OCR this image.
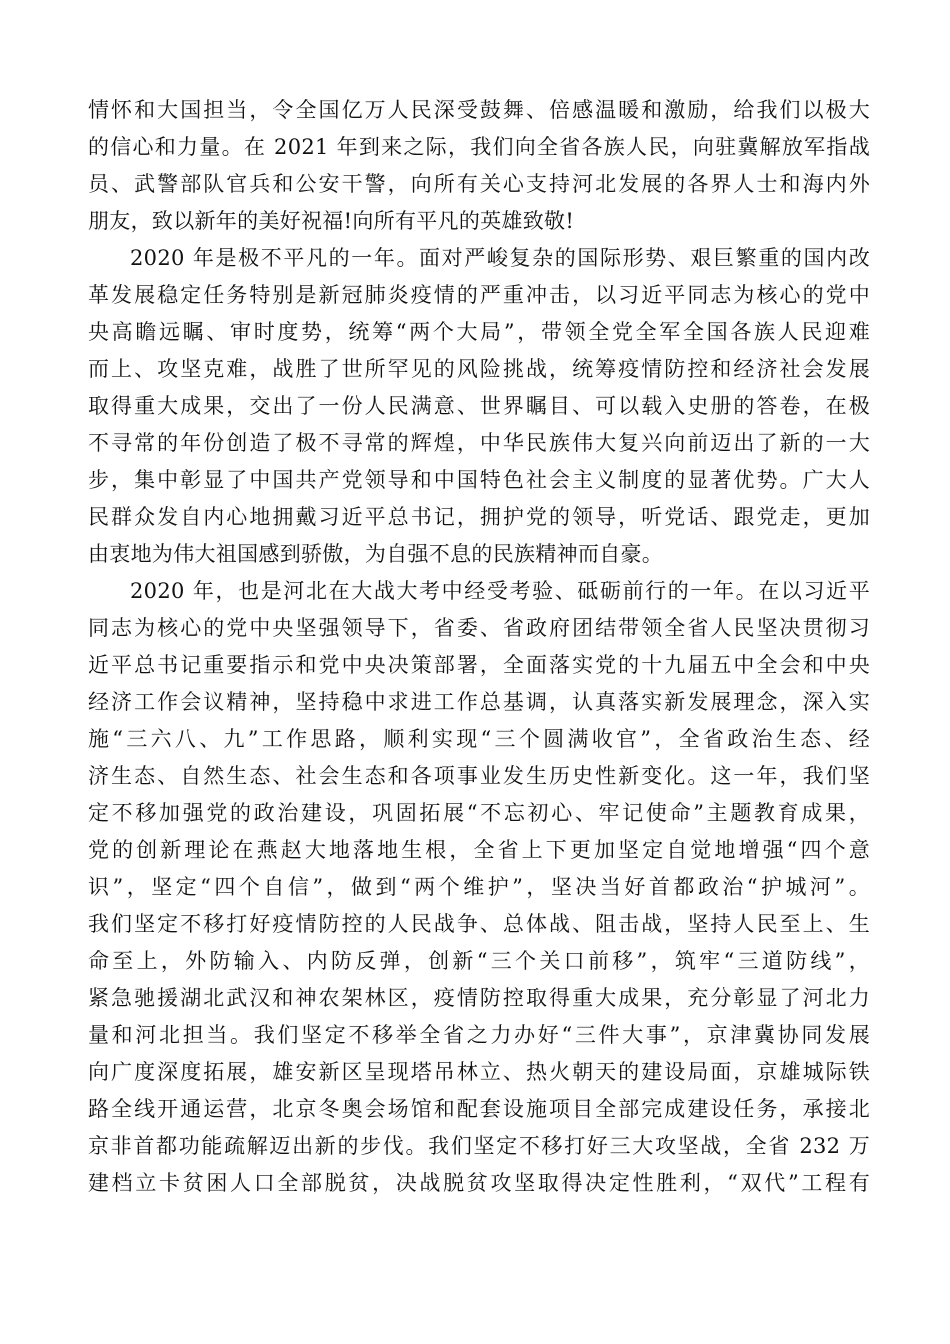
情怀和大国担当，令全国亿万人民深受鼓舞、倍感温暖和激励，给我们以极大
的信心和力量。在 2021 年到来之际，我们向全省各族人民，向驻冀解放军指战
员、武警部队官兵和公安干警，向所有关心支持河北发展的各界人士和海内外
朋友，致以新年的美好祝福!向所有平凡的英雄致敬!

2020 年是极不平凡的一年。面对严峻复杂的国际形势、艰巨繁重的国内改
革发展稳定任务特别是新冠肺炎疫情的严重冲击，以习近平同志为核心的党中
央高瞻远瞩、审时度势，统筹“两个大局”，带领全党全军全国各族人民迎难
而上、攻坚克难，战胜了世所罕见的风险挑战，统筹疫情防控和经济社会发展
取得重大成果，交出了一份人民满意、世界瞩目、可以载入史册的答卷，在极
不寻常的年份创造了极不寻常的辉煌，中华民族伟大复兴向前迈出了新的一大
步，集中彰显了中国共产党领导和中国特色社会主义制度的显著优势。广大人
民群众发自内心地拥戴习近平总书记，拥护党的领导，听党话、跟党走，更加
由衷地为伟大祖国感到骄傲，为自强不息的民族精神而自豪。

2020 年，也是河北在大战大考中经受考验、砥砺前行的一年。在以习近平
同志为核心的党中央坚强领导下，省委、省政府团结带领全省人民坚决贯彻习
近平总书记重要指示和党中央决策部署，全面落实党的十九届五中全会和中央
经济工作会议精神，坚持稳中求进工作总基调，认真落实新发展理念，深入实
施“三六八、九”工作思路，顺利实现“三个圆满收官”，全省政治生态、经
济生态、自然生态、社会生态和各项事业发生历史性新变化。这一年，我们坚
定不移加强党的政治建设，巩固拓展“不忘初心、牢记使命”主题教育成果，
党的创新理论在燕赵大地落地生根，全省上下更加坚定自觉地增强“四个意
识”，坚定“四个自信”，做到“两个维护”，坚决当好首都政治“护城河”。
我们坚定不移打好疫情防控的人民战争、总体战、阻击战，坚持人民至上、生
命至上，外防输入、内防反弹，创新“三个关口前移”，筑牢“三道防线”，
紧急驰援湖北武汉和神农架林区，疫情防控取得重大成果，充分彰显了河北力
量和河北担当。我们坚定不移举全省之力办好“三件大事”，京津冀协同发展
向广度深度拓展，雄安新区呈现塔吊林立、热火朝天的建设局面，京雄城际铁
路全线开通运营，北京冬奥会场馆和配套设施项目全部完成建设任务，承接北
京非首都功能疏解迈出新的步伐。我们坚定不移打好三大攻坚战，全省 232 万
建档立卡贫困人口全部脱贫，决战脱贫攻坚取得决定性胜利，“双代”工程有
